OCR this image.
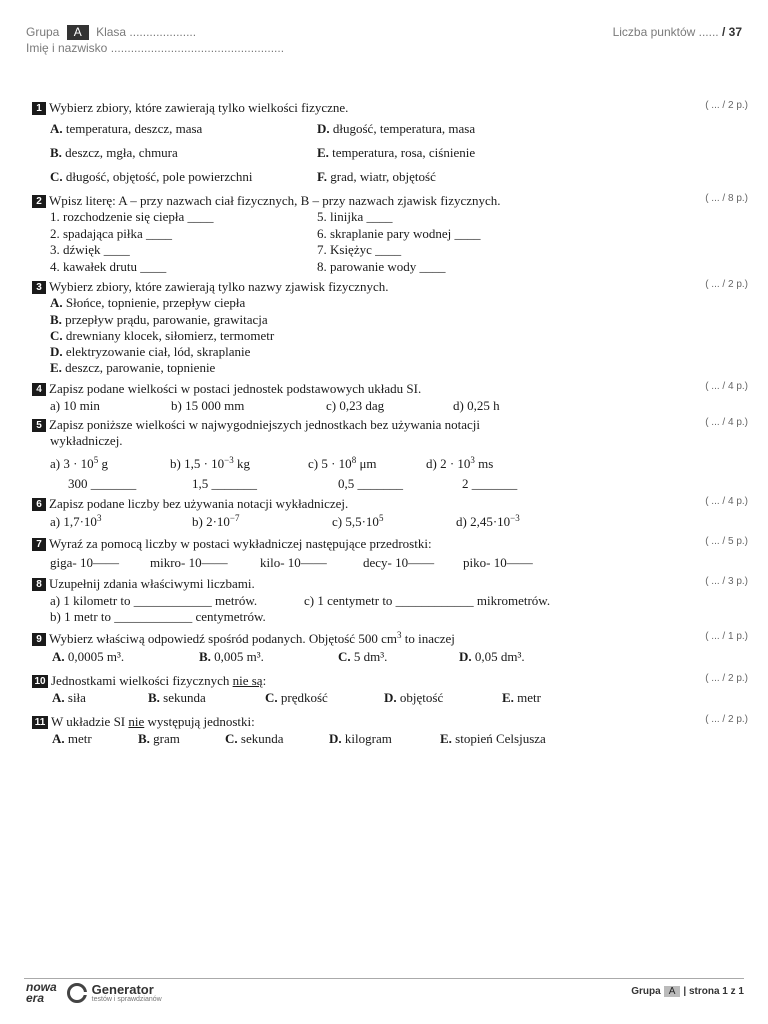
Grupa A Klasa ....................
Imię i nazwisko ....................................................
Liczba punktów ...... / 37
1 Wybierz zbiory, które zawierają tylko wielkości fizyczne.	( ... / 2 p.)
A. temperatura, deszcz, masa
B. deszcz, mgła, chmura
C. długość, objętość, pole powierzchni
D. długość, temperatura, masa
E. temperatura, rosa, ciśnienie
F. grad, wiatr, objętość
2 Wpisz literę: A – przy nazwach ciał fizycznych, B – przy nazwach zjawisk fizycznych.	( ... / 8 p.)
1. rozchodzenie się ciepła ____
2. spadająca piłka ____
3. dźwięk ____
4. kawałek drutu ____
5. linijka ____
6. skraplanie pary wodnej ____
7. Księżyc ____
8. parowanie wody ____
3 Wybierz zbiory, które zawierają tylko nazwy zjawisk fizycznych.	( ... / 2 p.)
A. Słońce, topnienie, przepływ ciepła
B. przepływ prądu, parowanie, grawitacja
C. drewniany klocek, siłomierz, termometr
D. elektryzowanie ciał, lód, skraplanie
E. deszcz, parowanie, topnienie
4 Zapisz podane wielkości w postaci jednostek podstawowych układu SI.	( ... / 4 p.)
a) 10 min	b) 15 000 mm	c) 0,23 dag	d) 0,25 h
5 Zapisz poniższe wielkości w najwygodniejszych jednostkach bez używania notacji
wykładniczej.
( ... / 4 p.)
a) $3 \cdot 10^5$ g	b) $1,5 \cdot 10^{-3}$ kg	c) $5 \cdot 10^8$ μm	d) $2 \cdot 10^3$ ms
300 _______	1,5 _______	0,5 _______	2 _______
6 Zapisz podane liczby bez używania notacji wykładniczej.	( ... / 4 p.)
a) $1,7\cdot 10^3$	b) $2\cdot 10^{-7}$	c) $5,5\cdot 10^5$	d) $2,45\cdot 10^{-3}$
7 Wyraź za pomocą liczby w postaci wykładniczej następujące przedrostki:	( ... / 5 p.)
giga- 10—— mikro- 10—— kilo- 10——	decy- 10—— piko- 10——
8 Uzupełnij zdania właściwymi liczbami.	( ... / 3 p.)
a) 1 kilometr to ____________ metrów.	c) 1 centymetr to ____________ mikrometrów.
b) 1 metr to ____________ centymetrów.
9 Wybierz właściwą odpowiedź spośród podanych. Objętość 500 $cm^3$ to inaczej	( ... / 1 p.)
A. 0,0005 m³.	B. 0,005 m³.	C. 5 dm³.	D. 0,05 dm³.
10 Jednostkami wielkości fizycznych nie są:	( ... / 2 p.)
A. siła	B. sekunda	C. prędkość	D. objętość	E. metr
11 W układzie SI nie występują jednostki:	( ... / 2 p.)
A. metr	B. gram	C. sekunda	D. kilogram	E. stopień Celsjusza
nowa
era
Generator
testów i sprawdzianów
Grupa A | strona 1 z 1
